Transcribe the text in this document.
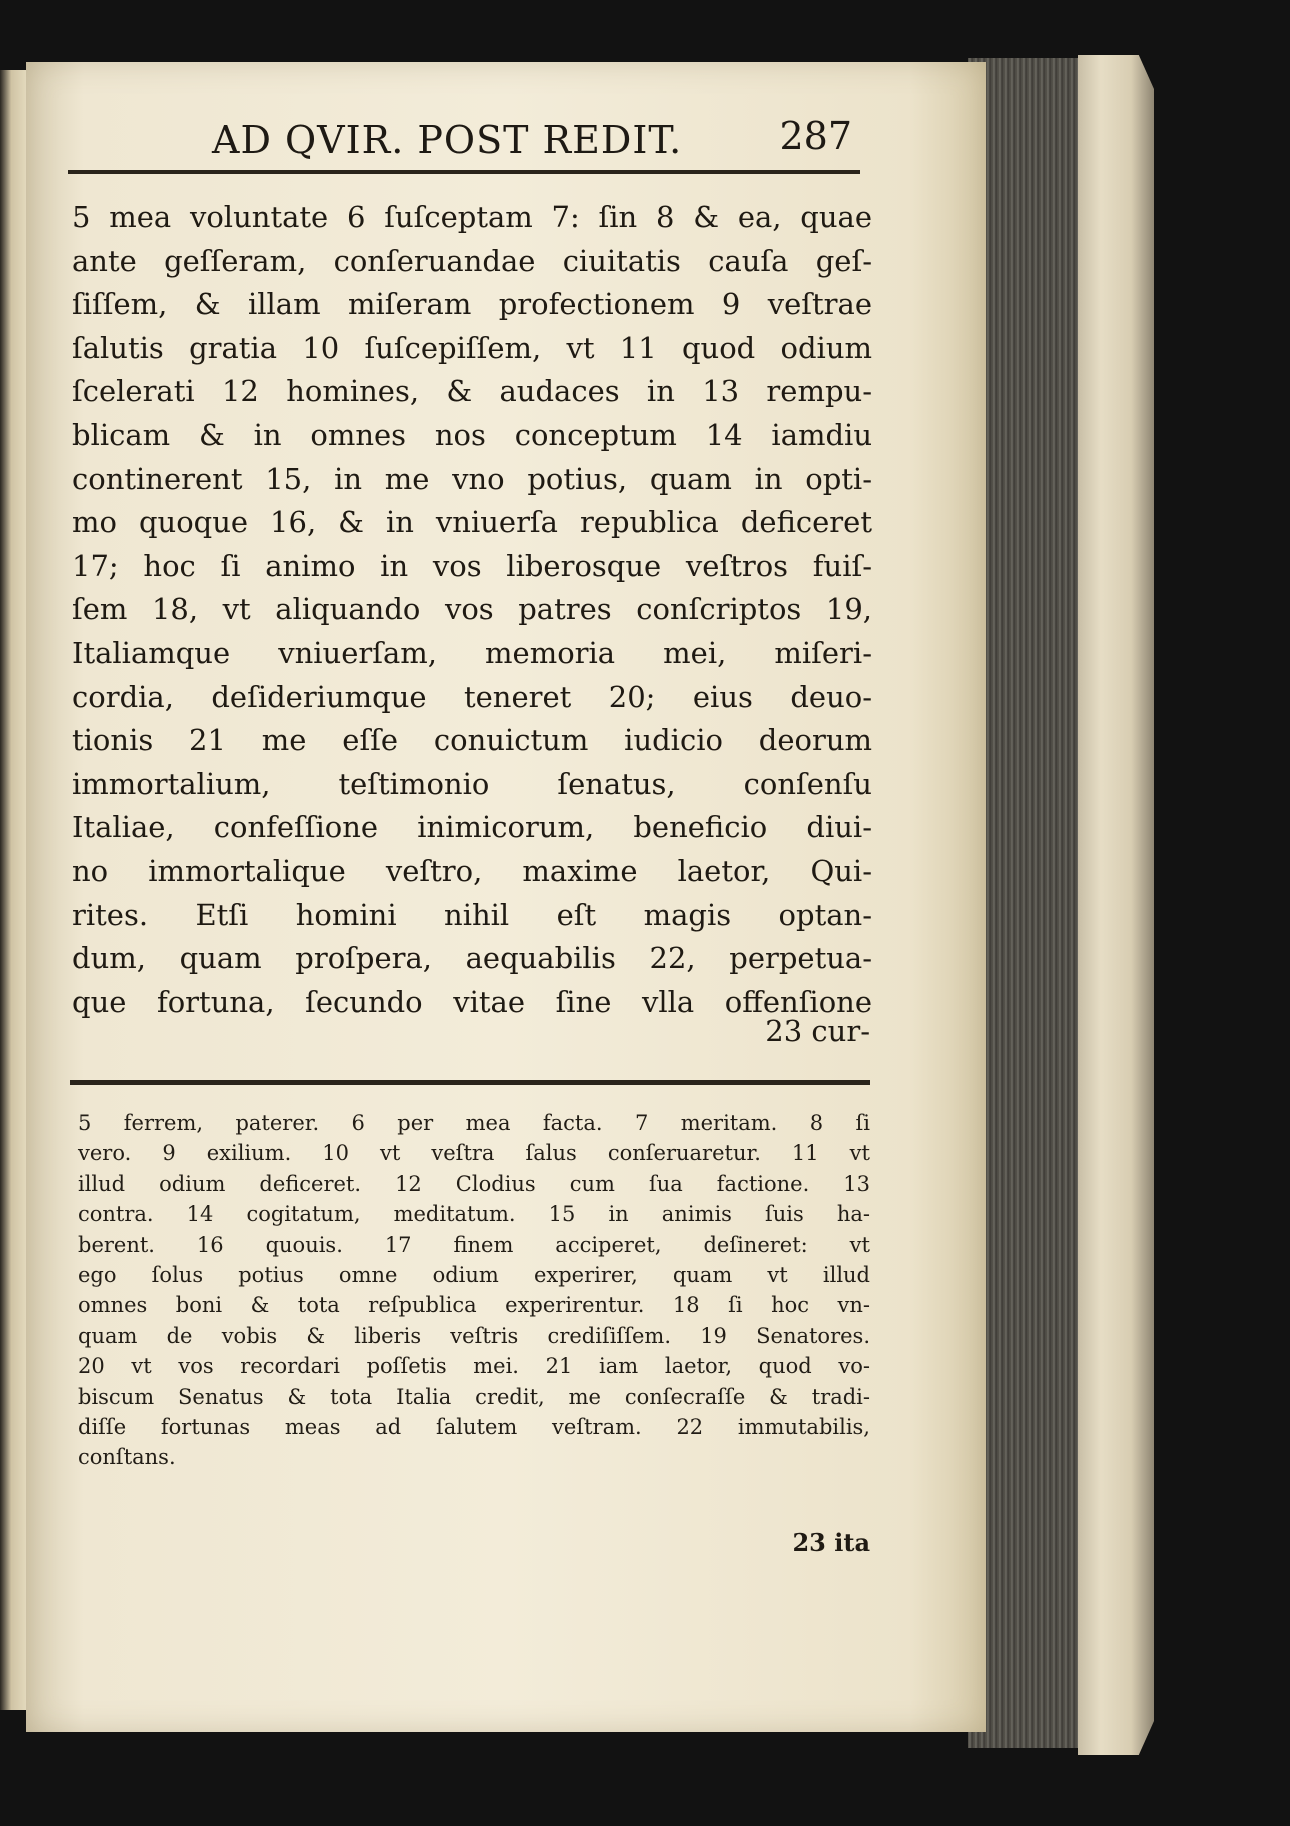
AD QVIR. POST REDIT.	287
5 mea voluntate 6 ſuſceptam 7: ſin 8 & ea, quae
ante geſſeram, conſeruandae ciuitatis cauſa geſ-
ſiſſem, & illam miſeram profectionem 9 veſtrae
ſalutis gratia 10 ſuſcepiſſem, vt 11 quod odium
ſcelerati 12 homines, & audaces in 13 rempu-
blicam & in omnes nos conceptum 14 iamdiu
continerent 15, in me vno potius, quam in opti-
mo quoque 16, & in vniuerſa republica deficeret
17; hoc ſi animo in vos liberosque veſtros fuiſ-
ſem 18, vt aliquando vos patres conſcriptos 19,
Italiamque vniuerſam, memoria mei, miſeri-
cordia, deſideriumque teneret 20; eius deuo-
tionis 21 me eſſe conuictum iudicio deorum
immortalium, teſtimonio ſenatus, conſenſu
Italiae, confeſſione inimicorum, beneficio diui-
no immortalique veſtro, maxime laetor, Qui-
rites. Etſi homini nihil eſt magis optan-
dum, quam proſpera, aequabilis 22, perpetua-
que fortuna, ſecundo vitae ſine vlla offenſione
23 cur-
5 ferrem, paterer. 6 per mea facta. 7 meritam. 8 ſi
vero. 9 exilium. 10 vt veſtra ſalus conſeruaretur. 11 vt
illud odium deficeret. 12 Clodius cum ſua factione. 13
contra. 14 cogitatum, meditatum. 15 in animis ſuis ha-
berent. 16 quouis. 17 finem acciperet, deſineret: vt
ego ſolus potius omne odium experirer, quam vt illud
omnes boni & tota reſpublica experirentur. 18 ſi hoc vn-
quam de vobis & liberis veſtris crediſiſſem. 19 Senatores.
20 vt vos recordari poſſetis mei. 21 iam laetor, quod vo-
biscum Senatus & tota Italia credit, me conſecraſſe & tradi-
diſſe fortunas meas ad ſalutem veſtram. 22 immutabilis,
conſtans.
23 ita
